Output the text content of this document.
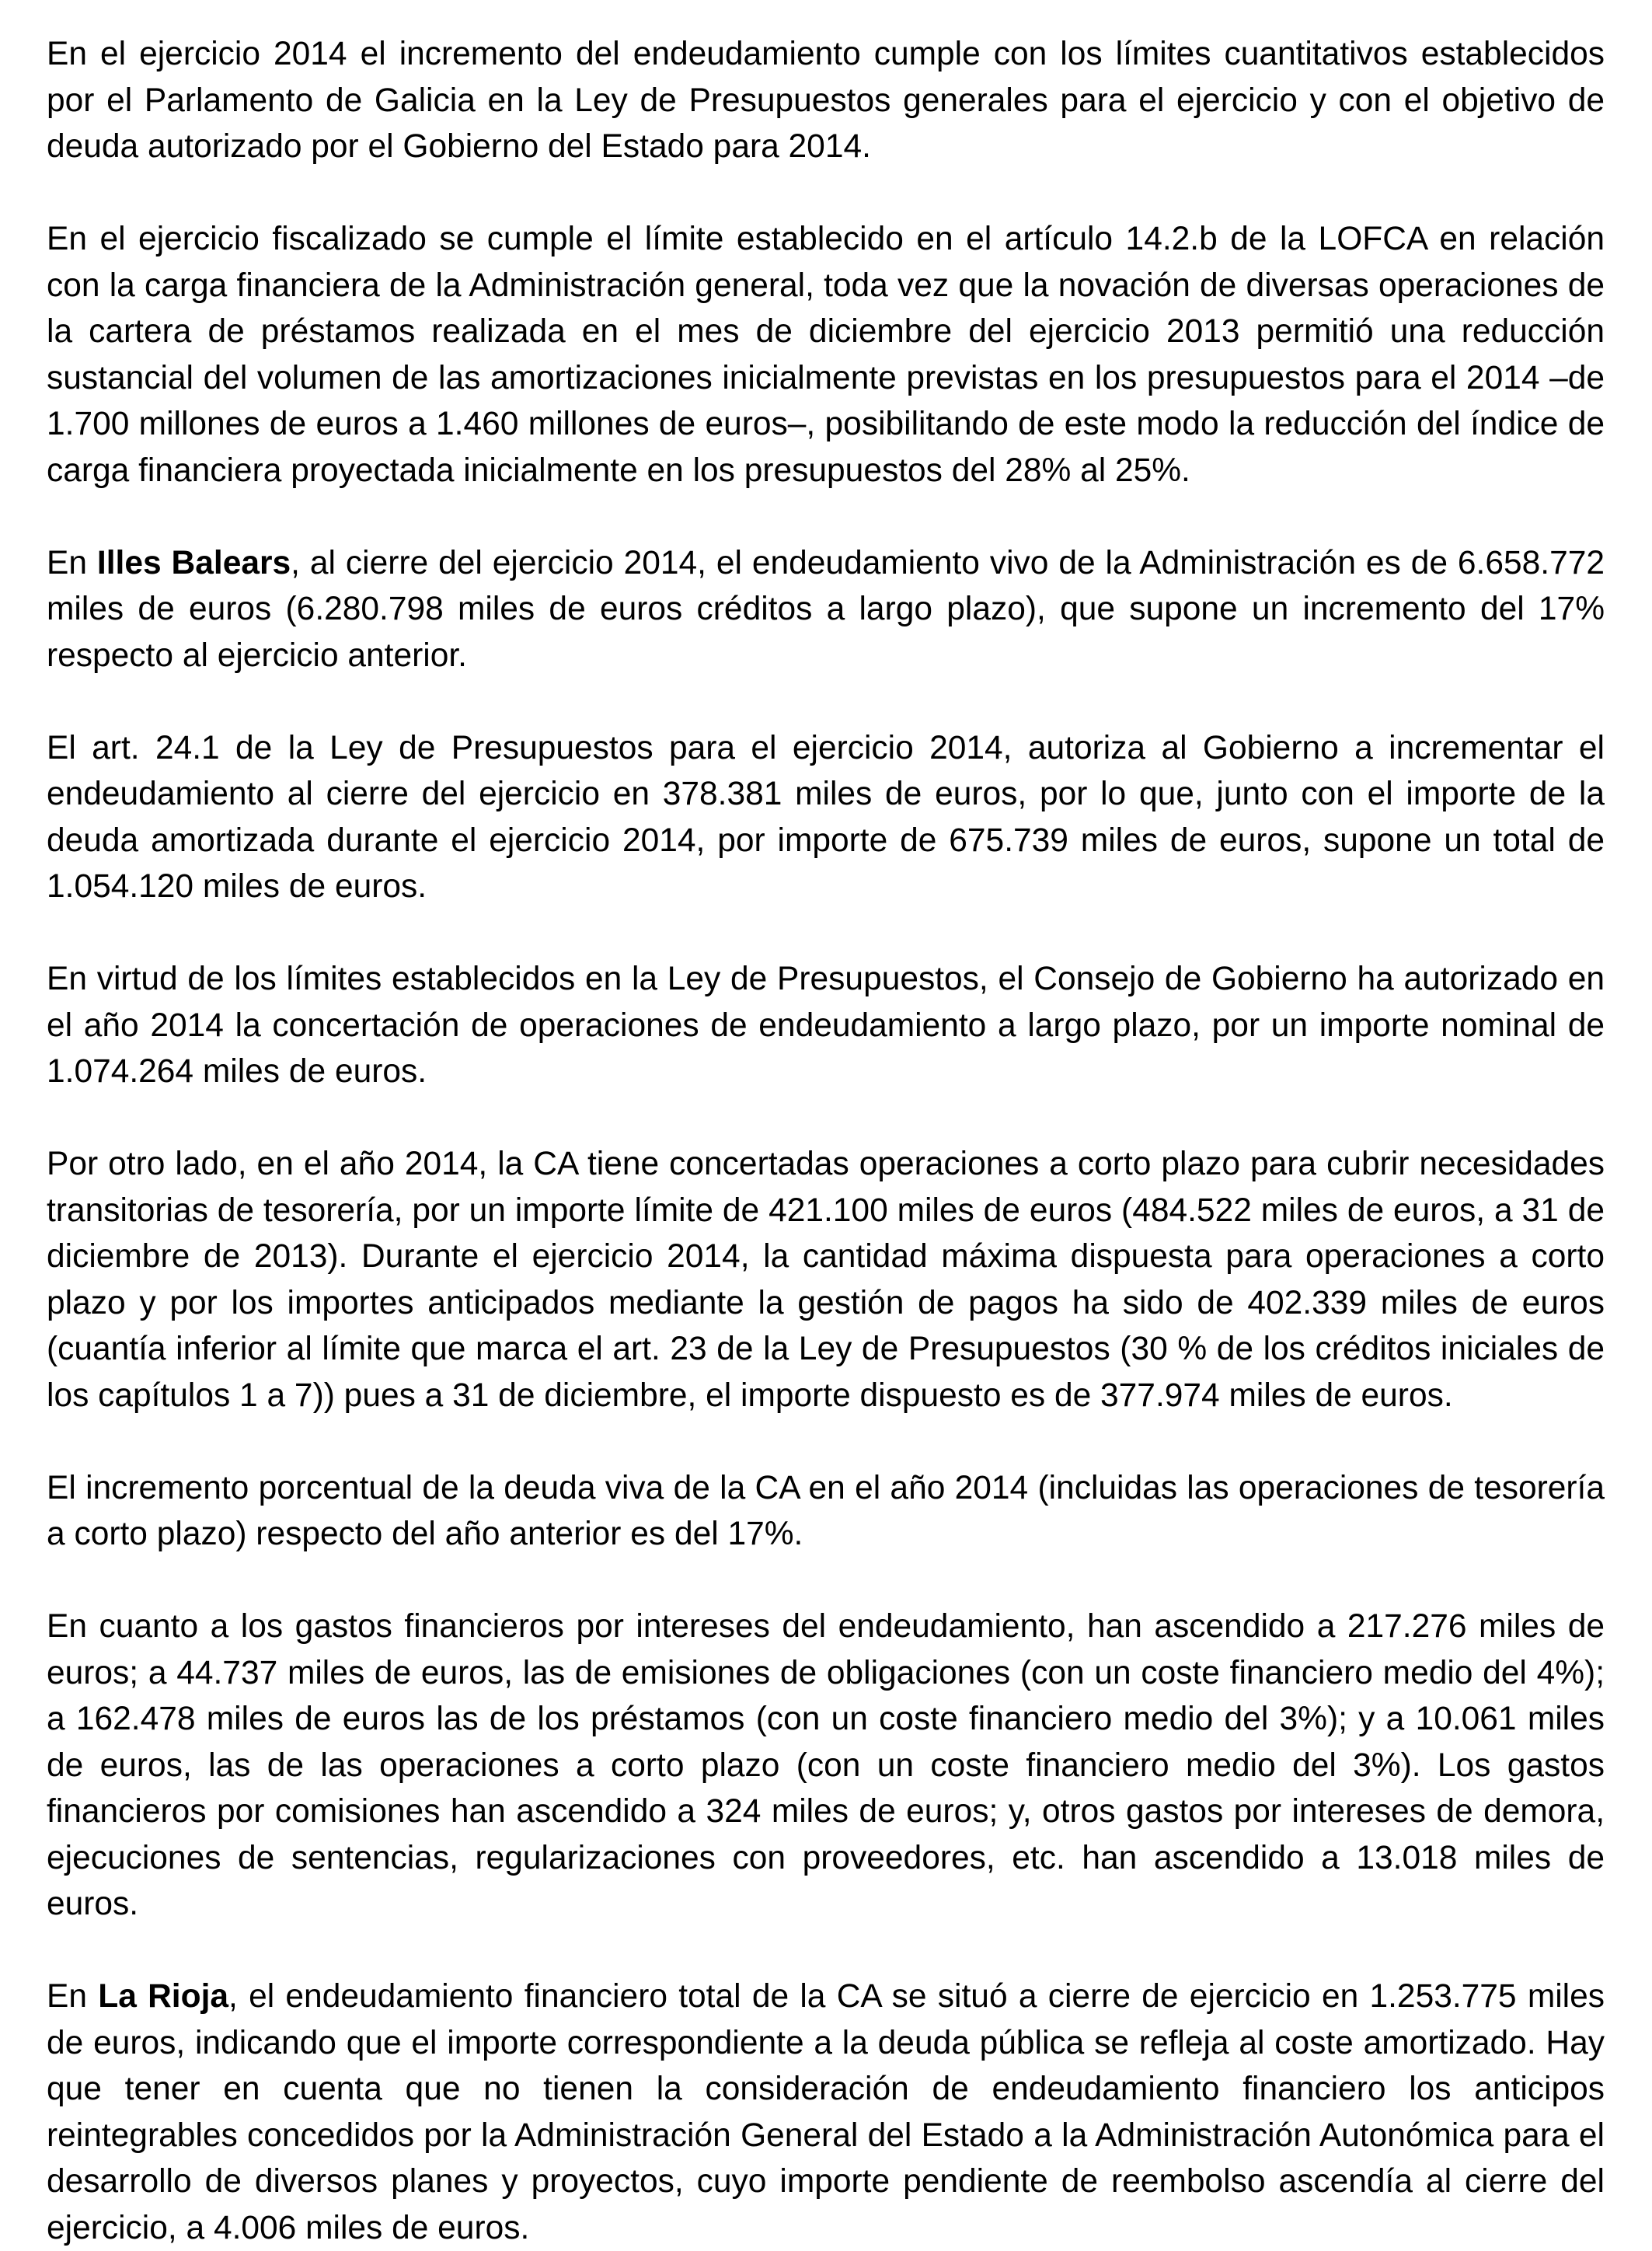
En el ejercicio 2014 el incremento del endeudamiento cumple con los límites cuantitativos establecidos por el Parlamento de Galicia en la Ley de Presupuestos generales para el ejercicio y con el objetivo de deuda autorizado por el Gobierno del Estado para 2014.

En el ejercicio fiscalizado se cumple el límite establecido en el artículo 14.2.b de la LOFCA en relación con la carga financiera de la Administración general, toda vez que la novación de diversas operaciones de la cartera de préstamos realizada en el mes de diciembre del ejercicio 2013 permitió una reducción sustancial del volumen de las amortizaciones inicialmente previstas en los presupuestos para el 2014 –de 1.700 millones de euros a 1.460 millones de euros–, posibilitando de este modo la reducción del índice de carga financiera proyectada inicialmente en los presupuestos del 28% al 25%.

En Illes Balears, al cierre del ejercicio 2014, el endeudamiento vivo de la Administración es de 6.658.772 miles de euros (6.280.798 miles de euros créditos a largo plazo), que supone un incremento del 17% respecto al ejercicio anterior.

El art. 24.1 de la Ley de Presupuestos para el ejercicio 2014, autoriza al Gobierno a incrementar el endeudamiento al cierre del ejercicio en 378.381 miles de euros, por lo que, junto con el importe de la deuda amortizada durante el ejercicio 2014, por importe de 675.739 miles de euros, supone un total de 1.054.120 miles de euros.

En virtud de los límites establecidos en la Ley de Presupuestos, el Consejo de Gobierno ha autorizado en el año 2014 la concertación de operaciones de endeudamiento a largo plazo, por un importe nominal de 1.074.264 miles de euros.

Por otro lado, en el año 2014, la CA tiene concertadas operaciones a corto plazo para cubrir necesidades transitorias de tesorería, por un importe límite de 421.100 miles de euros (484.522 miles de euros, a 31 de diciembre de 2013). Durante el ejercicio 2014, la cantidad máxima dispuesta para operaciones a corto plazo y por los importes anticipados mediante la gestión de pagos ha sido de 402.339 miles de euros (cuantía inferior al límite que marca el art. 23 de la Ley de Presupuestos (30 % de los créditos iniciales de los capítulos 1 a 7)) pues a 31 de diciembre, el importe dispuesto es de 377.974 miles de euros.

El incremento porcentual de la deuda viva de la CA en el año 2014 (incluidas las operaciones de tesorería a corto plazo) respecto del año anterior es del 17%.

En cuanto a los gastos financieros por intereses del endeudamiento, han ascendido a 217.276 miles de euros; a 44.737 miles de euros, las de emisiones de obligaciones (con un coste financiero medio del 4%); a 162.478 miles de euros las de los préstamos (con un coste financiero medio del 3%); y a 10.061 miles de euros, las de las operaciones a corto plazo (con un coste financiero medio del 3%). Los gastos financieros por comisiones han ascendido a 324 miles de euros; y, otros gastos por intereses de demora, ejecuciones de sentencias, regularizaciones con proveedores, etc. han ascendido a 13.018 miles de euros.

En La Rioja, el endeudamiento financiero total de la CA se situó a cierre de ejercicio en 1.253.775 miles de euros, indicando que el importe correspondiente a la deuda pública se refleja al coste amortizado. Hay que tener en cuenta que no tienen la consideración de endeudamiento financiero los anticipos reintegrables concedidos por la Administración General del Estado a la Administración Autonómica para el desarrollo de diversos planes y proyectos, cuyo importe pendiente de reembolso ascendía al cierre del ejercicio, a 4.006 miles de euros.
